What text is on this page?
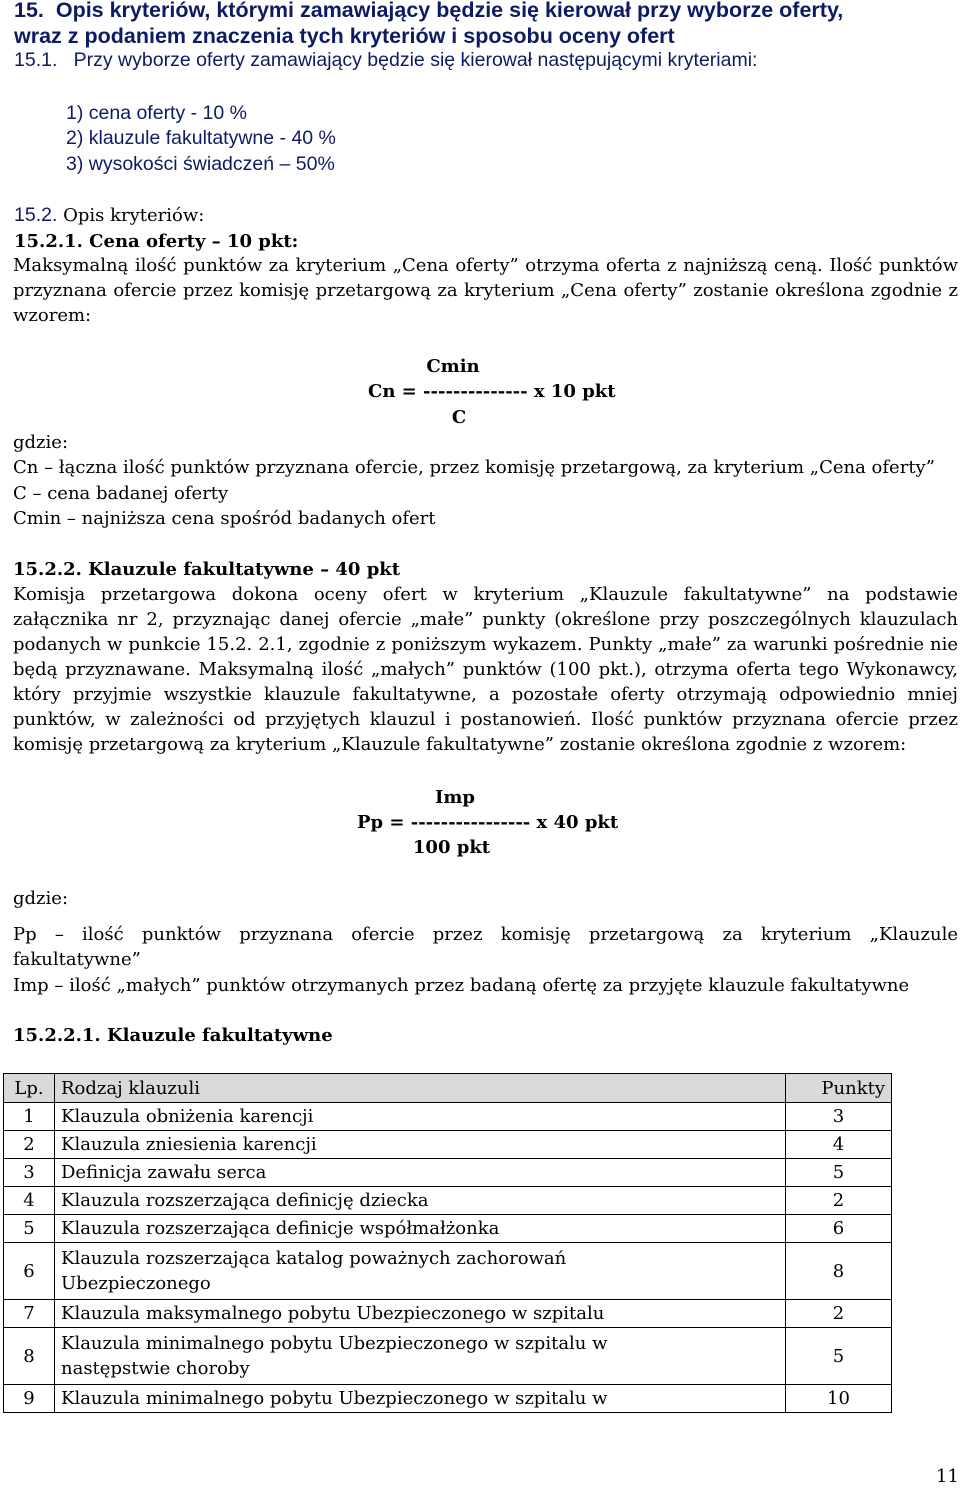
15. Opis kryteriów, którymi zamawiający będzie się kierował przy wyborze oferty,
wraz z podaniem znaczenia tych kryteriów i sposobu oceny ofert
15.1. Przy wyborze oferty zamawiający będzie się kierował następującymi kryteriami:
1) cena oferty - 10 %
2) klauzule fakultatywne - 40 %
3) wysokości świadczeń – 50%
15.2. Opis kryteriów:
15.2.1. Cena oferty – 10 pkt:
Maksymalną ilość punktów za kryterium „Cena oferty” otrzyma oferta z najniższą ceną. Ilość punktów
przyznana ofercie przez komisję przetargową za kryterium „Cena oferty” zostanie określona zgodnie z
wzorem:
Cmin
Cn = -------------- x 10 pkt
C
gdzie:
Cn – łączna ilość punktów przyznana ofercie, przez komisję przetargową, za kryterium „Cena oferty”
C – cena badanej oferty
Cmin – najniższa cena spośród badanych ofert
15.2.2. Klauzule fakultatywne – 40 pkt
Komisja przetargowa dokona oceny ofert w kryterium „Klauzule fakultatywne” na podstawie
załącznika nr 2, przyznając danej ofercie „małe” punkty (określone przy poszczególnych klauzulach
podanych w punkcie 15.2. 2.1, zgodnie z poniższym wykazem. Punkty „małe” za warunki pośrednie nie
będą przyznawane. Maksymalną ilość „małych” punktów (100 pkt.), otrzyma oferta tego Wykonawcy,
który przyjmie wszystkie klauzule fakultatywne, a pozostałe oferty otrzymają odpowiednio mniej
punktów, w zależności od przyjętych klauzul i postanowień. Ilość punktów przyznana ofercie przez
komisję przetargową za kryterium „Klauzule fakultatywne” zostanie określona zgodnie z wzorem:
Imp
Pp = ---------------- x 40 pkt
100 pkt
gdzie:
Pp – ilość punktów przyznana ofercie przez komisję przetargową za kryterium „Klauzule
fakultatywne”
Imp – ilość „małych” punktów otrzymanych przez badaną ofertę za przyjęte klauzule fakultatywne
15.2.2.1. Klauzule fakultatywne
Lp.	Rodzaj klauzuli	Punkty
1	Klauzula obniżenia karencji	3
2	Klauzula zniesienia karencji	4
3	Definicja zawału serca	5
4	Klauzula rozszerzająca definicję dziecka	2
5	Klauzula rozszerzająca definicje współmałżonka	6
6	Klauzula rozszerzająca katalog poważnych zachorowań
Ubezpieczonego	8
7	Klauzula maksymalnego pobytu Ubezpieczonego w szpitalu	2
8	Klauzula minimalnego pobytu Ubezpieczonego w szpitalu w
następstwie choroby	5
9	Klauzula minimalnego pobytu Ubezpieczonego w szpitalu w	10
11
